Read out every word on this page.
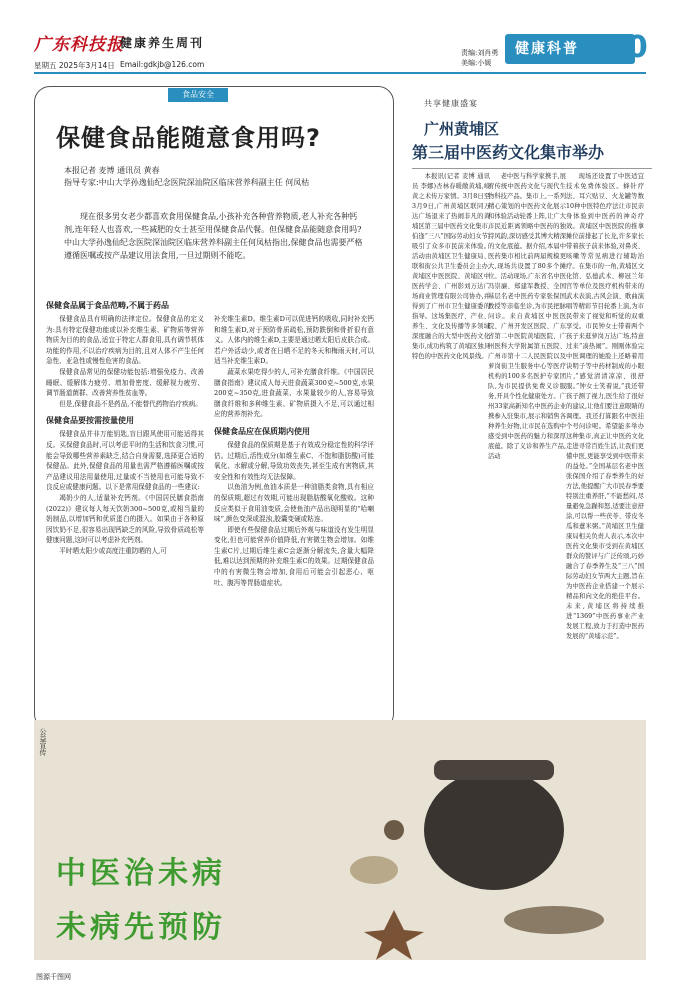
广东科技报
健康养生周刊
星期五 2025年3月14日 Email:gdkjb@126.com
责编:刘肖勇
美编:小媛
健康科普 10
食品安全
保健食品能随意食用吗?
本报记者 麦博 通讯员 黄春
指导专家:中山大学孙逸仙纪念医院深汕院区临床营养科副主任 何凤枯
现在很多男女老少都喜欢食用保健食品,小孩补充各种营养物质,老人补充各种钙剂,连年轻人也喜欢,一些减肥的女士甚至用保健食品代餐。但保健食品能随意食用吗?中山大学孙逸仙纪念医院深汕院区临床营养科副主任何凤枯指出,保健食品也需要严格遵循医嘱或按产品建议用法食用,一旦过期则不能吃。
保健食品属于食品范畴,不属于药品

保健食品具有明确的法律定位。保健食品的定义为:具有特定保健功能或以补充维生素、矿物质等营养物质为目的的食品,适宜于特定人群食用,具有调节机体功能的作用,不以治疗疾病为目的,且对人体不产生任何急性、亚急性或慢性危害的食品。

保健食品常见的保健功能包括:增强免疫力、改善睡眠、缓解体力疲劳、增加骨密度、缓解视力疲劳、调节肠道菌群、改善营养性贫血等。

但是,保健食品不是药品,不能替代药物治疗疾病。

保健食品要按需按量使用

保健食品并非万能钥匙,盲目跟风使用可能适得其反。买保健食品时,可以考虑平时的生活和饮食习惯,可能会导致哪些营养素缺乏,结合自身需要,选择更合适的保健品。此外,保健食品的用量也需严格遵循医嘱或按产品建议用法用量使用,过量或不当使用也可能导致不良反应或健康问题。以下是常用保健食品的一些建议:

竭奶少的人,适量补充钙剂。《中国居民膳食指南(2022)》建议每人每天饮奶300~500克,或相当量的奶制品,以增加钙和优质蛋白的摄入。如果由于各种原因饮奶不足,很容易出现钙缺乏的风险,导致骨质疏松等健康问题,这时可以考虑补充钙剂。

平时晒太阳少或高度注重防晒的人,可

补充维生素D。维生素D可以促进钙的吸收,同时补充钙和维生素D,对于预防骨质疏松,预防跌倒和骨折很有意义。人体内的维生素D,主要是通过晒太阳后皮肤合成。若户外活动少,或者在日晒不足的冬天和梅雨天时,可以适当补充维生素D。

蔬菜水果吃得少的人,可补充膳食纤维。《中国居民膳食指南》建议成人每天进食蔬菜300克~500克,水果200克~350克,进食蔬菜、水果量较少的人,容易导致膳食纤维和多种维生素、矿物质摄入不足,可以通过相应的营养剂补充。

保健食品应在保质期内使用

保健食品的保质期是基于有效成分稳定性的科学评估。过期后,活性成分(如维生素C、不饱和脂肪酸)可能氧化、水解或分解,导致功效丧失,甚至生成有害物质,其安全性和有效性均无法保障。

以鱼油为例,鱼油本质是一种油脂类食物,具有相应的保质期,超过有效期,可能出现脂肪酸氧化酸败。这种反应类似于食用油变质,会使鱼油产品出现明显的“哈喇味”,颜色变深或混浊,胶囊变硬或粘连。

即使有些保健食品过期后外观与味道没有发生明显变化,但也可能营养价值降低,有害微生物会增加。如维生素C片,过期后维生素C会逐渐分解流失,含量大幅降低,难以达到预期的补充维生素C的效果。过期保健食品中的有害微生物会增加,食用后可能会引起恶心、呕吐、腹泻等胃肠道症状。

共享健康盛宴
广州黄埔区
第三届中医药文化集市举办

本报讯(记者 麦博 通讯员 李娜)杏林春暖敞黄埔,岐黄之术传万家情。3月8日至3月9日,广州黄埔区联同万达广场退来了热闹非凡的黄埔区第三届中医药文化集市,伯逢“三八”国际劳动妇女节,吸引了众多市民前来体验。活动由黄埔区卫生健康局、联和街公共卫生委员会主办,黄埔区中医医院、黄埔区中医药学会、广州影刘万达广场商业管理有限公司协办,并得到了广州市卫生健康委的指导。这场集医疗、产业、养生、文化及传播等多领域深度融合的大型中医药文化集市,成功构筑了黄埔区独具特色的中医药文化风景线。

老中医与科学家携手,展宥传统中医药文化与现代生物科技产品。集市上,一系列精心策划的中医药文化展示和体验活动轮番上阵,让广大市民近距离领略中医药的独特风韵,深切感受其博大精深的文化底蕴。据介绍,本届中医药集市相比前两届规模更大,现场共设置了80多个摊位。活动现场,广东省名中医冯崇廉、郑建军教授、全国基层名老中医药专家张保国教授等亲临坐诊,为市民把脉问诊。来自黄埔区中医医院、广州开发区医院、广东省第二中医院黄埔医院、广州医科大学附属第五医院、广州市第十二人民医院以及萝岗街卫生服务中心等医疗机构的100多名医护专家团队,为市民提供免费义诊服务,开具个性化健康处方。广州33家高新知名中医药企业携参入驻集市,展示和销售各种养生好物,让市民在选购中感受到中医药的魅力和深厚底蕴。除了义诊和养生产品,活动

现场还设置了中医适宜技术免费体验区。蜂针疗法、耳穴贴豆、火龙罐等数10种中医特色疗法让市民亲身体验到中医药的神奇疗效。黄埔区中医医院的推拿摊位前排起了长龙,许多家长带着孩子前来体验,对鼻炎、咳嗽等常见病进行辅助治疗。在集市的一角,黄埔区文化馆、弘德武术、柳冠兰年宫等单位及医疗机构带来的武术表演,古风会演、歌曲演唱等精彩节目轮番上演,为市民带来了视觉和听觉的双重享受。市民钟女士带着两个孩子来逛萝岗万达广场,特意过来“凑热闹”。刚刚体验完中医调理的她脸上还略着用诀明子等中药材制成的小眼片,“感觉清清凉凉、很舒服。”钟女士笑着说,“我还带孩子测了视力,医生给了很好的建议,让他们要注意眼睛的调理。我还打算跟名中医挂个号问诊呢。希望能多举办这种集市,真正让中医药文化走进寻常百姓生活,让我们更懂中医,更能享受到中医带来的益处。”全国基层名老中医张保国介绍了春季养生的好方法,他提醒广大市民春季要特别注重养肝,“不能愁闷,尽量避免急躁和怒,适要注意舒涂,可以帮一些茯苓、带皮冬瓜和薏米粥。”黄埔区卫生健康局相关负责人表示,本次中医药文化集市受到在黄埔区群众的赞评与广泛传颂,巧妙融合了春季养生及“三八”国际劳动妇女节两大主题,旨在为中医药企业搭建一个展示精品和向文化的绝佳平台。未来,黄埔区将持续推进“1369”中医药事业产业发展工程,致力于打造中医药发展的“黄埔示范”。

公益宣传
中医治未病
未病先预防
图源千图网
